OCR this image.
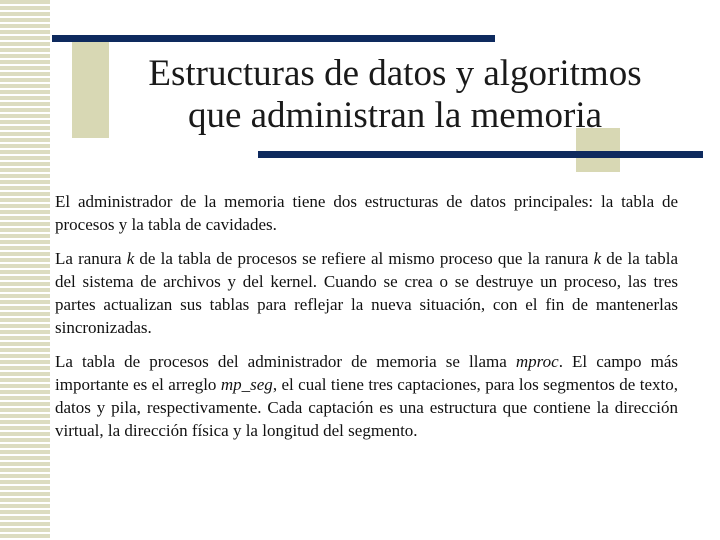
Estructuras de datos y algoritmos
que administran la memoria

El administrador de la memoria tiene dos estructuras de datos principales: la tabla de procesos y la tabla de cavidades.

La ranura k de la tabla de procesos se refiere al mismo proceso que la ranura k de la tabla del sistema de archivos y del kernel. Cuando se crea o se destruye un proceso, las tres partes actualizan sus tablas para reflejar la nueva situación, con el fin de mantenerlas sincronizadas.

La tabla de procesos del administrador de memoria se llama mproc. El campo más importante es el arreglo mp_seg, el cual tiene tres captaciones, para los segmentos de texto, datos y pila, respectivamente. Cada captación es una estructura que contiene la dirección virtual, la dirección física y la longitud del segmento.
